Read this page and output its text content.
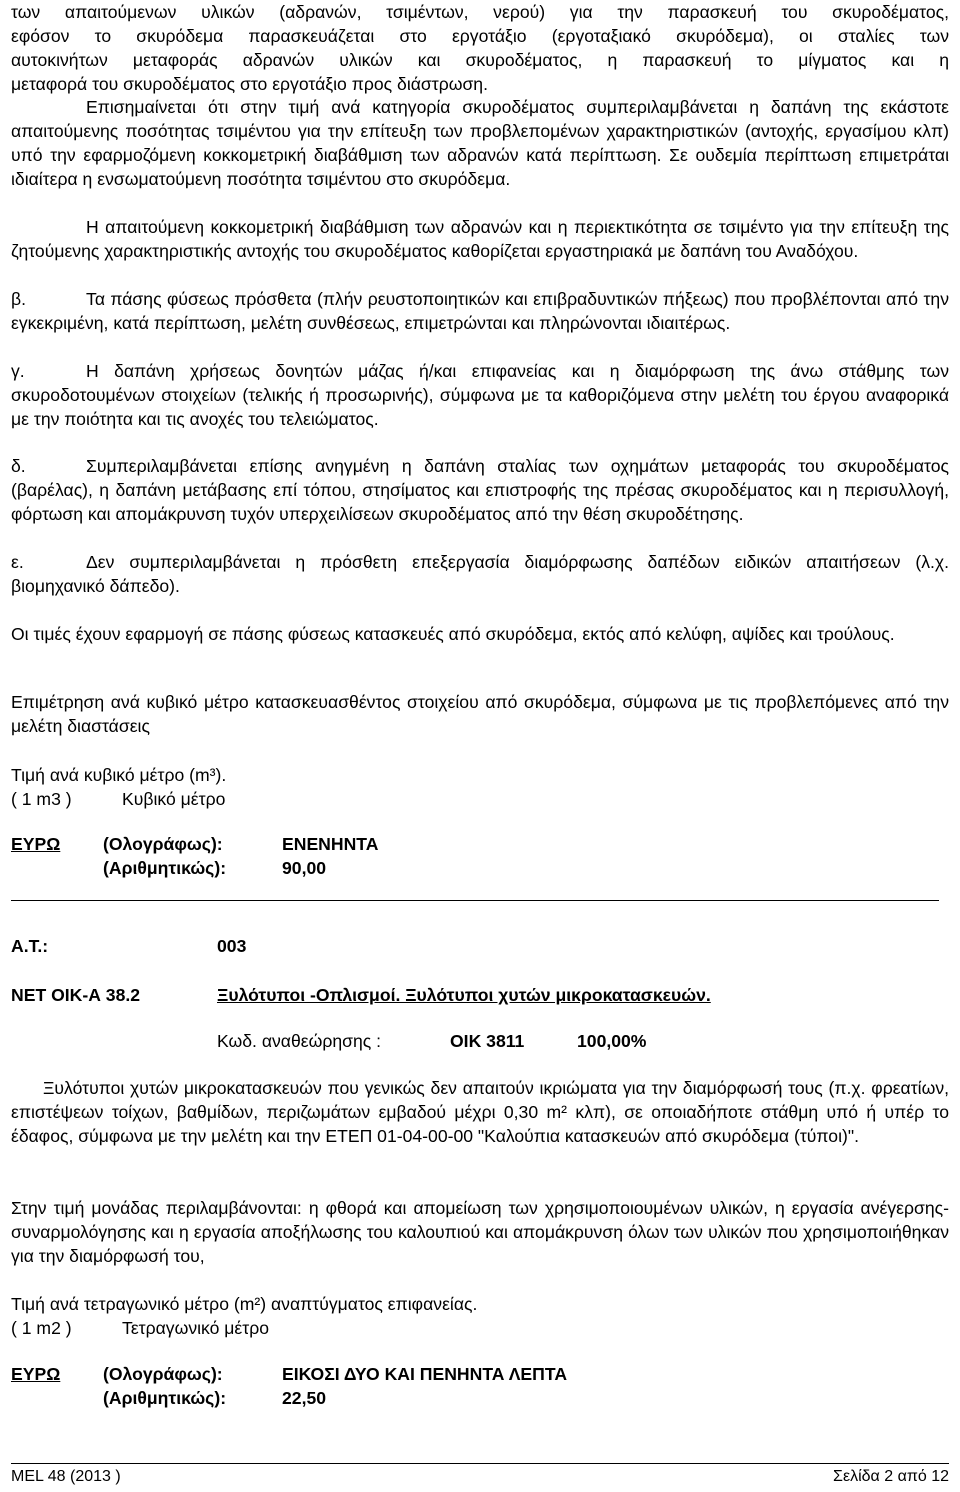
των απαιτούμενων υλικών (αδρανών, τσιμέντων, νερού) για την παρασκευή του σκυροδέματος,

εφόσον το σκυρόδεμα παρασκευάζεται στο εργοτάξιο (εργοταξιακό σκυρόδεμα), οι σταλίες των

αυτοκινήτων μεταφοράς αδρανών υλικών και σκυροδέματος, η παρασκευή το μίγματος και η

μεταφορά του σκυροδέματος στο εργοτάξιο προς διάστρωση.

Επισημαίνεται ότι στην τιμή ανά κατηγορία σκυροδέματος συμπεριλαμβάνεται η δαπάνη της εκάστοτε απαιτούμενης ποσότητας τσιμέντου για την επίτευξη των προβλεπομένων χαρακτηριστικών (αντοχής, εργασίμου κλπ) υπό την εφαρμοζόμενη κοκκομετρική διαβάθμιση των αδρανών κατά περίπτωση. Σε ουδεμία περίπτωση επιμετράται ιδιαίτερα η ενσωματούμενη ποσότητα τσιμέντου στο σκυρόδεμα.

Η απαιτούμενη κοκκομετρική διαβάθμιση των αδρανών και η περιεκτικότητα σε τσιμέντο για την επίτευξη της ζητούμενης χαρακτηριστικής αντοχής του σκυροδέματος καθορίζεται εργαστηριακά με δαπάνη του Αναδόχου.

β.	Τα πάσης φύσεως πρόσθετα (πλήν ρευστοποιητικών και επιβραδυντικών πήξεως) που προβλέπονται από την εγκεκριμένη, κατά περίπτωση, μελέτη συνθέσεως, επιμετρώνται και πληρώνονται ιδιαιτέρως.

γ.	Η δαπάνη χρήσεως δονητών μάζας ή/και επιφανείας και η διαμόρφωση της άνω στάθμης των σκυροδοτουμένων στοιχείων (τελικής ή προσωρινής), σύμφωνα με τα καθοριζόμενα στην μελέτη του έργου αναφορικά με την ποιότητα και τις ανοχές του τελειώματος.

δ.	Συμπεριλαμβάνεται επίσης ανηγμένη η δαπάνη σταλίας των οχημάτων μεταφοράς του σκυροδέματος (βαρέλας), η δαπάνη μετάβασης επί τόπου, στησίματος και επιστροφής της πρέσας σκυροδέματος και η περισυλλογή, φόρτωση και απομάκρυνση τυχόν υπερχειλίσεων σκυροδέματος από την θέση σκυροδέτησης.

ε.	Δεν συμπεριλαμβάνεται η πρόσθετη επεξεργασία διαμόρφωσης δαπέδων ειδικών απαιτήσεων (λ.χ. βιομηχανικό δάπεδο).

Οι τιμές έχουν εφαρμογή σε πάσης φύσεως κατασκευές από σκυρόδεμα, εκτός από κελύφη, αψίδες και τρούλους.

Επιμέτρηση ανά κυβικό μέτρο κατασκευασθέντος στοιχείου από σκυρόδεμα, σύμφωνα με τις προβλεπόμενες από την μελέτη διαστάσεις

Τιμή ανά κυβικό μέτρο (m³).
( 1 m3 )	Κυβικό μέτρο
ΕΥΡΩ (Ολογράφως):	ΕΝΕΝΗΝΤΑ
(Αριθμητικώς):	90,00
Α.Τ.:	003
ΝΕΤ ΟΙΚ-Α 38.2	Ξυλότυποι -Οπλισμοί. Ξυλότυποι χυτών μικροκατασκευών.
Κωδ. αναθεώρησης :	ΟΙΚ 3811	100,00%

Ξυλότυποι χυτών μικροκατασκευών που γενικώς δεν απαιτούν ικριώματα για την διαμόρφωσή τους (π.χ. φρεατίων, επιστέψεων τοίχων, βαθμίδων, περιζωμάτων εμβαδού μέχρι 0,30 m² κλπ), σε οποιαδήποτε στάθμη υπό ή υπέρ το έδαφος, σύμφωνα με την μελέτη και την ΕΤΕΠ 01-04-00-00 "Καλούπια κατασκευών από σκυρόδεμα (τύποι)".

Στην τιμή μονάδας περιλαμβάνονται: η φθορά και απομείωση των χρησιμοποιουμένων υλικών, η εργασία ανέγερσης-συναρμολόγησης και η εργασία αποξήλωσης του καλουπιού και απομάκρυνση όλων των υλικών που χρησιμοποιήθηκαν για την διαμόρφωσή του,

Τιμή ανά τετραγωνικό μέτρο (m²) αναπτύγματος επιφανείας.
( 1 m2 )	Τετραγωνικό μέτρο
ΕΥΡΩ (Ολογράφως):	ΕΙΚΟΣΙ ΔΥΟ ΚΑΙ ΠΕΝΗΝΤΑ ΛΕΠΤΑ
(Αριθμητικώς):	22,50
MEL 48 (2013 )	Σελίδα 2 από 12
